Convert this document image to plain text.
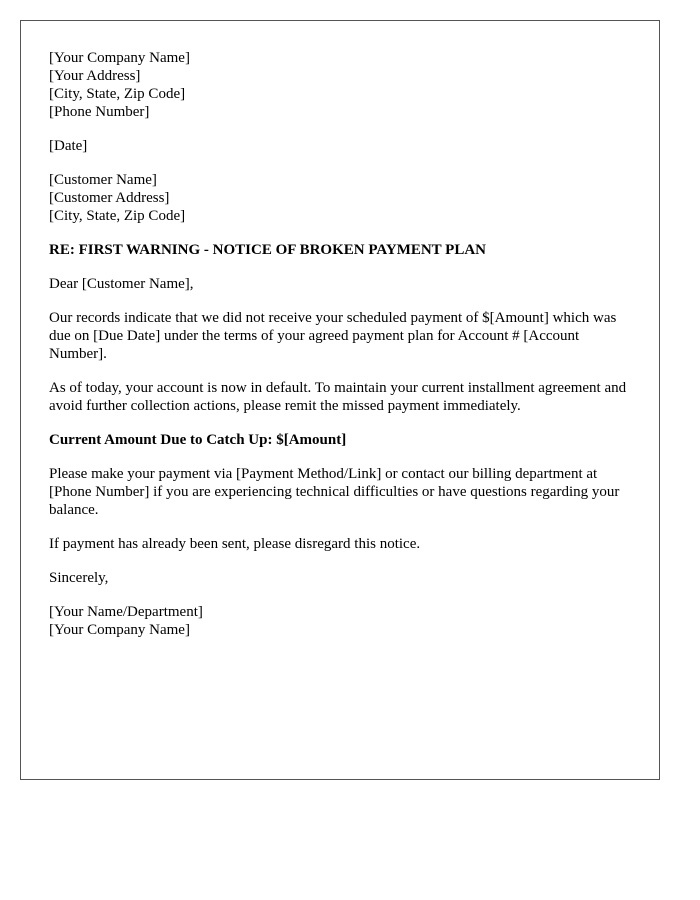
[Your Company Name]
[Your Address]
[City, State, Zip Code]
[Phone Number]
[Date]
[Customer Name]
[Customer Address]
[City, State, Zip Code]
RE: FIRST WARNING - NOTICE OF BROKEN PAYMENT PLAN
Dear [Customer Name],
Our records indicate that we did not receive your scheduled payment of $[Amount] which was due on [Due Date] under the terms of your agreed payment plan for Account # [Account Number].
As of today, your account is now in default. To maintain your current installment agreement and avoid further collection actions, please remit the missed payment immediately.
Current Amount Due to Catch Up: $[Amount]
Please make your payment via [Payment Method/Link] or contact our billing department at [Phone Number] if you are experiencing technical difficulties or have questions regarding your balance.
If payment has already been sent, please disregard this notice.
Sincerely,
[Your Name/Department]
[Your Company Name]
